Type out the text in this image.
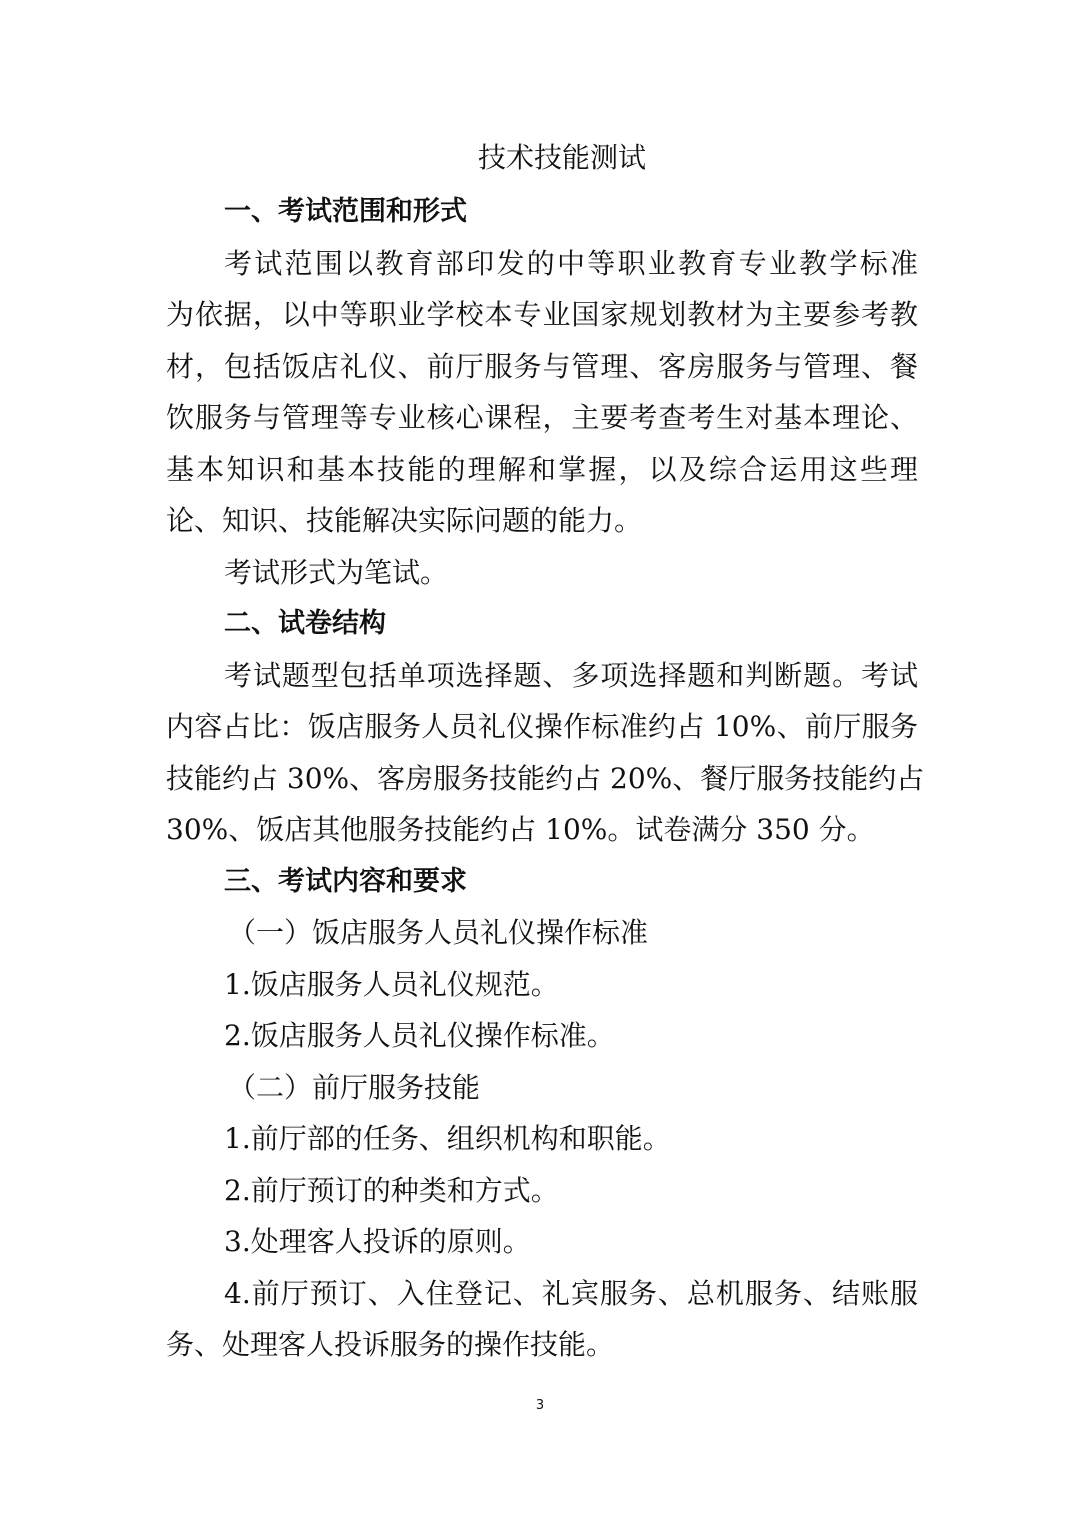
技术技能测试
一、考试范围和形式
考试范围以教育部印发的中等职业教育专业教学标准
为依据，以中等职业学校本专业国家规划教材为主要参考教
材，包括饭店礼仪、前厅服务与管理、客房服务与管理、餐
饮服务与管理等专业核心课程，主要考查考生对基本理论、
基本知识和基本技能的理解和掌握，以及综合运用这些理
论、知识、技能解决实际问题的能力。
考试形式为笔试。
二、试卷结构
考试题型包括单项选择题、多项选择题和判断题。考试
内容占比：饭店服务人员礼仪操作标准约占 10%、前厅服务
技能约占 30%、客房服务技能约占 20%、餐厅服务技能约占
30%、饭店其他服务技能约占 10%。试卷满分 350 分。
三、考试内容和要求
（一）饭店服务人员礼仪操作标准
1.饭店服务人员礼仪规范。
2.饭店服务人员礼仪操作标准。
（二）前厅服务技能
1.前厅部的任务、组织机构和职能。
2.前厅预订的种类和方式。
3.处理客人投诉的原则。
4.前厅预订、入住登记、礼宾服务、总机服务、结账服
务、处理客人投诉服务的操作技能。
3
